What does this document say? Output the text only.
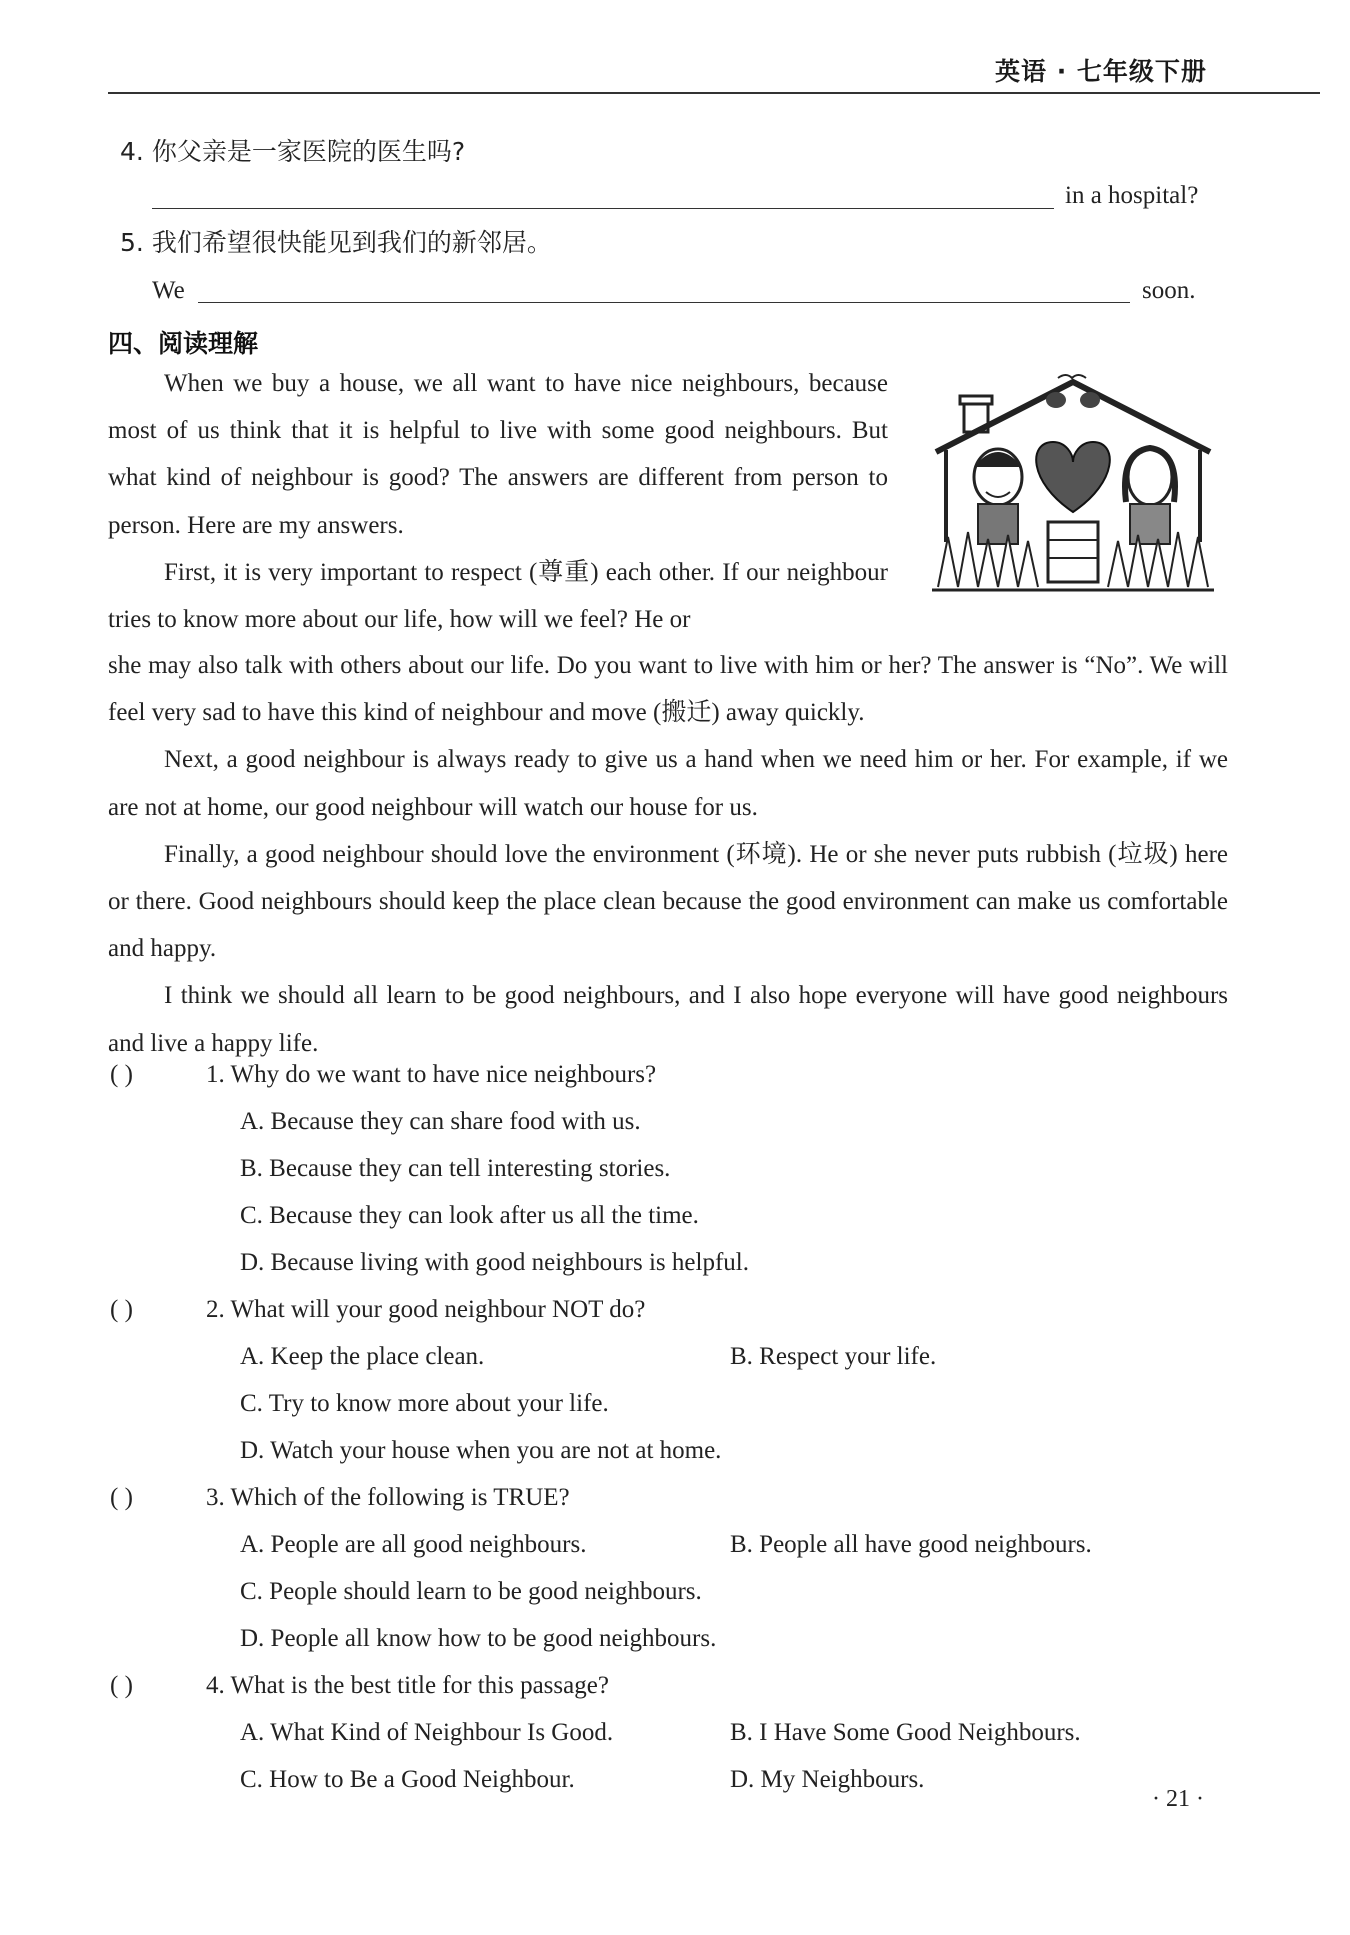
英语 · 七年级下册
4. 你父亲是一家医院的医生吗?
in a hospital?
5. 我们希望很快能见到我们的新邻居。
We	soon.
四、阅读理解

When we buy a house, we all want to have nice neighbours, because most of us think that it is helpful to live with some good neighbours. But what kind of neighbour is good? The answers are different from person to person. Here are my answers.

First, it is very important to respect (尊重) each other. If our neighbour tries to know more about our life, how will we feel? He or

she may also talk with others about our life. Do you want to live with him or her? The answer is “No”. We will feel very sad to have this kind of neighbour and move (搬迁) away quickly.

Next, a good neighbour is always ready to give us a hand when we need him or her. For example, if we are not at home, our good neighbour will watch our house for us.

Finally, a good neighbour should love the environment (环境). He or she never puts rubbish (垃圾) here or there. Good neighbours should keep the place clean because the good environment can make us comfortable and happy.

I think we should all learn to be good neighbours, and I also hope everyone will have good neighbours and live a happy life.

( )	1. Why do we want to have nice neighbours?
A. Because they can share food with us.
B. Because they can tell interesting stories.
C. Because they can look after us all the time.
D. Because living with good neighbours is helpful.
( )	2. What will your good neighbour NOT do?
A. Keep the place clean.	B. Respect your life.
C. Try to know more about your life.
D. Watch your house when you are not at home.
( )	3. Which of the following is TRUE?
A. People are all good neighbours.	B. People all have good neighbours.
C. People should learn to be good neighbours.
D. People all know how to be good neighbours.
( )	4. What is the best title for this passage?
A. What Kind of Neighbour Is Good.	B. I Have Some Good Neighbours.
C. How to Be a Good Neighbour.	D. My Neighbours.
· 21 ·
